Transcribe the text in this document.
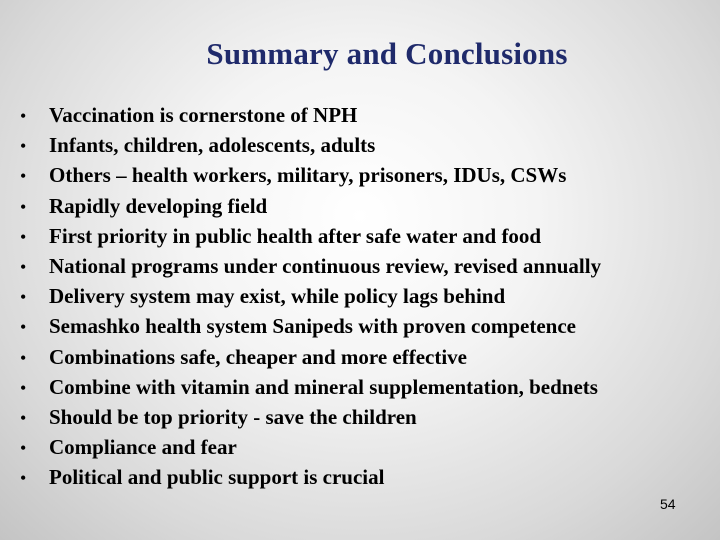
Summary and Conclusions
•	Vaccination is cornerstone of NPH
•	Infants, children, adolescents, adults
•	Others – health workers, military, prisoners, IDUs, CSWs
•	Rapidly developing field
•	First priority in public health after safe water and food
•	National programs under continuous review, revised annually
•	Delivery system may exist, while policy lags behind
•	Semashko health system Sanipeds with proven competence
•	Combinations safe, cheaper and more effective
•	Combine with vitamin and mineral supplementation, bednets
•	Should be top priority - save the children
•	Compliance and fear
•	Political and public support is crucial
54
